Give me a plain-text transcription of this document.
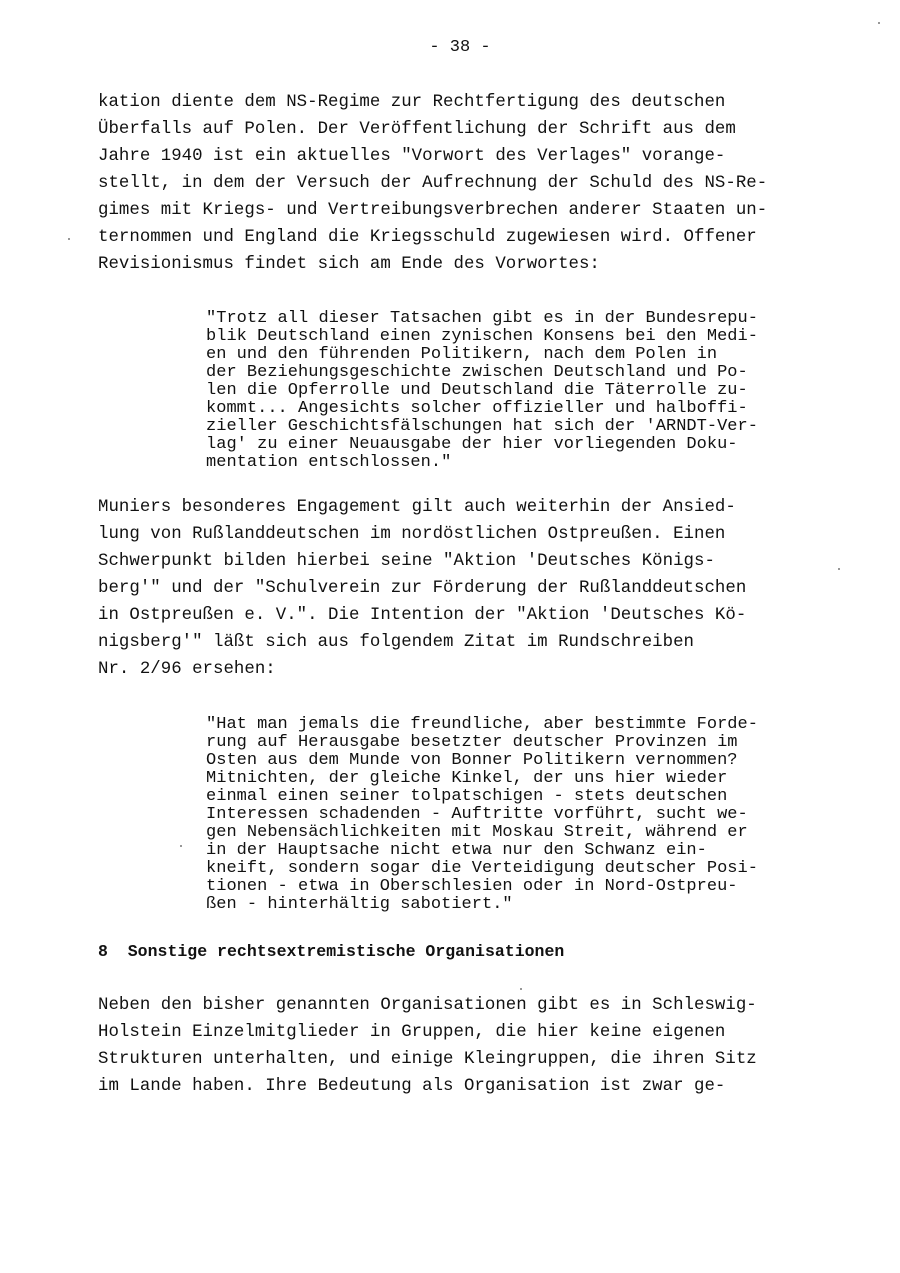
- 38 -
kation diente dem NS-Regime zur Rechtfertigung des deutschen
Überfalls auf Polen. Der Veröffentlichung der Schrift aus dem
Jahre 1940 ist ein aktuelles "Vorwort des Verlages" vorange-
stellt, in dem der Versuch der Aufrechnung der Schuld des NS-Re-
gimes mit Kriegs- und Vertreibungsverbrechen anderer Staaten un-
ternommen und England die Kriegsschuld zugewiesen wird. Offener
Revisionismus findet sich am Ende des Vorwortes:
"Trotz all dieser Tatsachen gibt es in der Bundesrepu-
blik Deutschland einen zynischen Konsens bei den Medi-
en und den führenden Politikern, nach dem Polen in
der Beziehungsgeschichte zwischen Deutschland und Po-
len die Opferrolle und Deutschland die Täterrolle zu-
kommt... Angesichts solcher offizieller und halboffi-
zieller Geschichtsfälschungen hat sich der 'ARNDT-Ver-
lag' zu einer Neuausgabe der hier vorliegenden Doku-
mentation entschlossen."
Muniers besonderes Engagement gilt auch weiterhin der Ansied-
lung von Rußlanddeutschen im nordöstlichen Ostpreußen. Einen
Schwerpunkt bilden hierbei seine "Aktion 'Deutsches Königs-
berg'" und der "Schulverein zur Förderung der Rußlanddeutschen
in Ostpreußen e. V.". Die Intention der "Aktion 'Deutsches Kö-
nigsberg'" läßt sich aus folgendem Zitat im Rundschreiben
Nr. 2/96 ersehen:
"Hat man jemals die freundliche, aber bestimmte Forde-
rung auf Herausgabe besetzter deutscher Provinzen im
Osten aus dem Munde von Bonner Politikern vernommen?
Mitnichten, der gleiche Kinkel, der uns hier wieder
einmal einen seiner tolpatschigen - stets deutschen
Interessen schadenden - Auftritte vorführt, sucht we-
gen Nebensächlichkeiten mit Moskau Streit, während er
in der Hauptsache nicht etwa nur den Schwanz ein-
kneift, sondern sogar die Verteidigung deutscher Posi-
tionen - etwa in Oberschlesien oder in Nord-Ostpreu-
ßen - hinterhältig sabotiert."
8  Sonstige rechtsextremistische Organisationen
Neben den bisher genannten Organisationen gibt es in Schleswig-
Holstein Einzelmitglieder in Gruppen, die hier keine eigenen
Strukturen unterhalten, und einige Kleingruppen, die ihren Sitz
im Lande haben. Ihre Bedeutung als Organisation ist zwar ge-
